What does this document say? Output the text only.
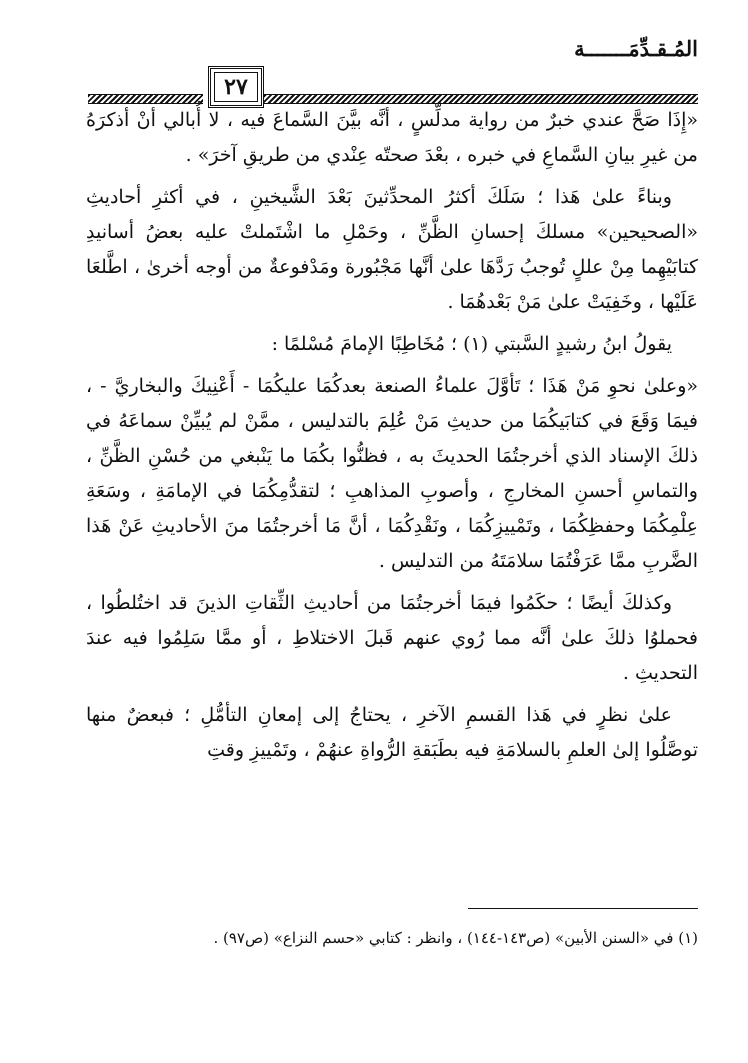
المُـقـدِّمَـــــــة
٢٧

«إِذَا صَحَّ عندي خبرٌ من رواية مدلِّسٍ ، أنَّه بيَّنَ السَّماعَ فيه ، لا أُبالي أنْ أذكرَهُ من غيرِ بيانِ السَّماعِ في خبره ، بعْدَ صحتّه عِنْدي من طريقِ آخرَ» .

وبناءً علىٰ هَذا ؛ سَلَكَ أكثرُ المحدِّثينَ بَعْدَ الشَّيخينِ ، في أكثرِ أحاديثِ «الصحيحين» مسلكَ إحسانِ الظَّنِّ ، وحَمْلِ ما اشْتَملتْ عليه بعضُ أسانيدِ كتابَيْهِما مِنْ عللٍ تُوجبُ رَدَّهَا علىٰ أنَّها مَجْبُورة ومَدْفوعةٌ من أوجه أخرىٰ ، اطَّلعَا عَلَيْها ، وخَفِيَتْ علىٰ مَنْ بَعْدهُمَا .

يقولُ ابنُ رشيدٍ السَّبتي (١) ؛ مُخَاطِبًا الإمامَ مُسْلمًا :

«وعلىٰ نحوِ مَنْ هَذَا ؛ تَأوَّلَ علماءُ الصنعة بعدكُمَا عليكُمَا - أَعْنِيكَ والبخاريَّ - ، فيمَا وَقَعَ في كتابَيكُمَا من حديثِ مَنْ عُلِمَ بالتدليس ، ممَّنْ لم يُبيِّنْ سماعَهُ في ذلكَ الإسناد الذي أخرجتُمَا الحديثَ به ، فظنُّوا بكُمَا ما يَنْبغي من حُسْنِ الظَّنِّ ، والتماسِ أحسنِ المخارجِ ، وأصوبِ المذاهبِ ؛ لتقدُّمِكُمَا في الإمامَةِ ، وسَعَةِ عِلْمِكُمَا وحفظِكُمَا ، وتَمْييزِكُمَا ، ونَقْدِكُمَا ، أنَّ مَا أخرجتُمَا منَ الأحاديثِ عَنْ هَذا الضَّربِ ممَّا عَرَفْتُمَا سلامَتَهُ من التدليس .

وكذلكَ أيضًا ؛ حكَمُوا فيمَا أخرجتُمَا من أحاديثِ الثِّقاتِ الذينَ قد اختُلطُوا ، فحملوُا ذلكَ علىٰ أنَّه مما رُوي عنهم قَبلَ الاختلاطِ ، أو ممَّا سَلِمُوا فيه عندَ التحديثِ .

علىٰ نظرٍ في هَذا القسمِ الآخرِ ، يحتاجُ إلى إمعانِ التأمُّلِ ؛ فبعضٌ منها توصَّلُوا إلىٰ العلمِ بالسلامَةِ فيه بطَبَقةِ الرُّواةِ عنهُمْ ، وتَمْييزِ وقتِ

(١) في «السنن الأبين» (ص١٤٣-١٤٤) ، وانظر : كتابي «حسم النزاع» (ص٩٧) .
